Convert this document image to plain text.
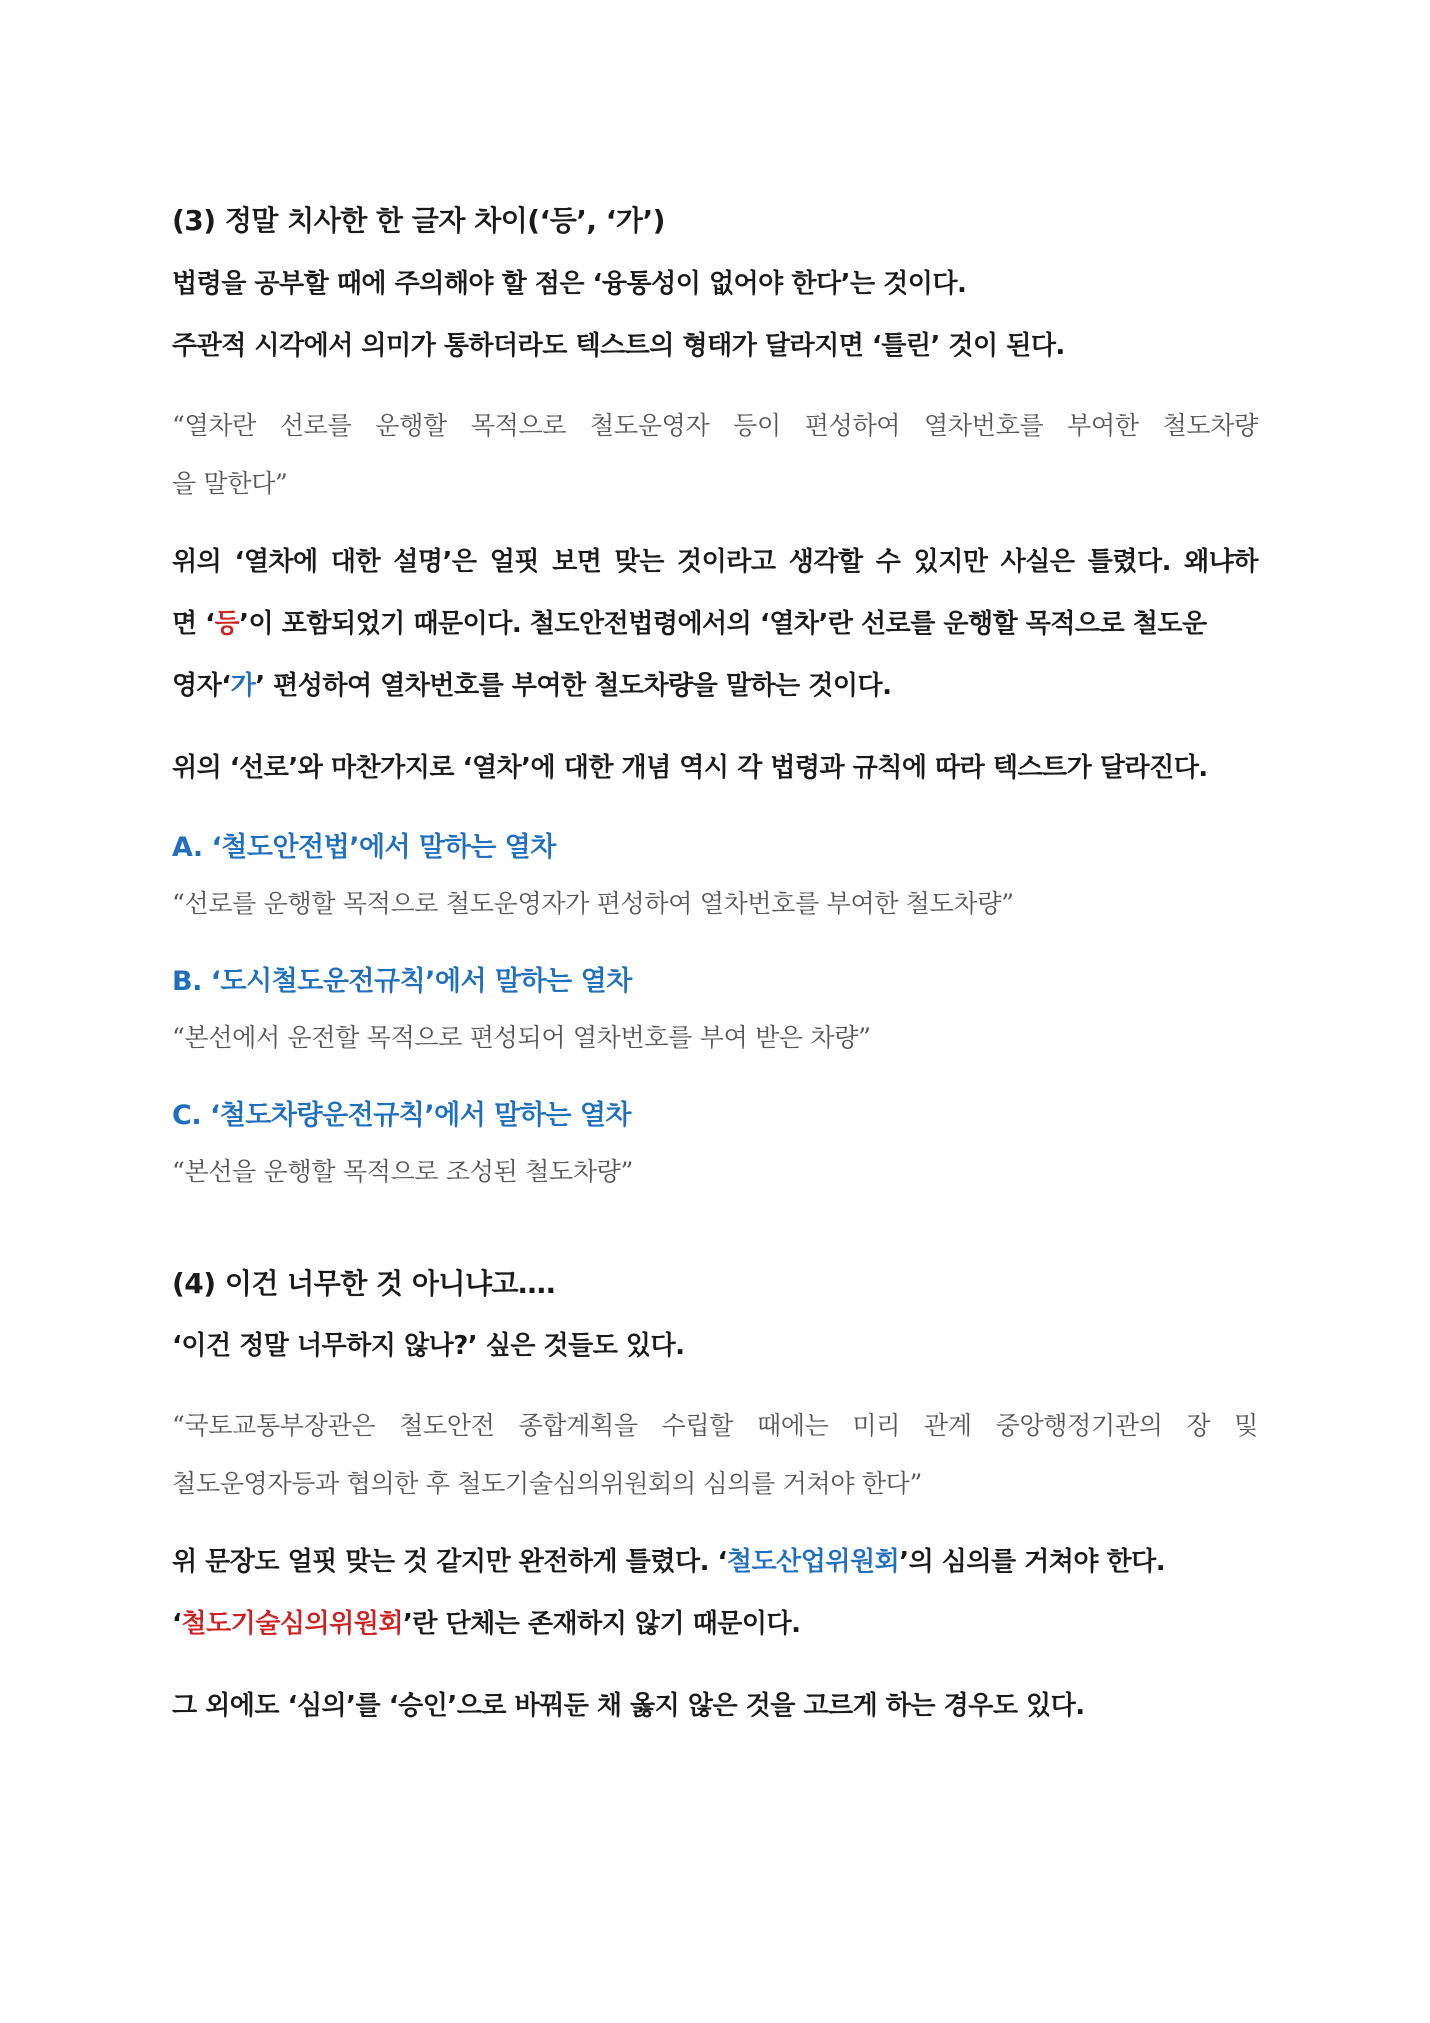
(3) 정말 치사한 한 글자 차이(‘등’, ‘가’)
법령을 공부할 때에 주의해야 할 점은 ‘융통성이 없어야 한다’는 것이다.
주관적 시각에서 의미가 통하더라도 텍스트의 형태가 달라지면 ‘틀린’ 것이 된다.
“열차란 선로를 운행할 목적으로 철도운영자 등이 편성하여 열차번호를 부여한 철도차량
을 말한다”
위의 ‘열차에 대한 설명’은 얼핏 보면 맞는 것이라고 생각할 수 있지만 사실은 틀렸다. 왜냐하
면 ‘등’이 포함되었기 때문이다. 철도안전법령에서의 ‘열차’란 선로를 운행할 목적으로 철도운
영자‘가’ 편성하여 열차번호를 부여한 철도차량을 말하는 것이다.
위의 ‘선로’와 마찬가지로 ‘열차’에 대한 개념 역시 각 법령과 규칙에 따라 텍스트가 달라진다.
A. ‘철도안전법’에서 말하는 열차
“선로를 운행할 목적으로 철도운영자가 편성하여 열차번호를 부여한 철도차량”
B. ‘도시철도운전규칙’에서 말하는 열차
“본선에서 운전할 목적으로 편성되어 열차번호를 부여 받은 차량”
C. ‘철도차량운전규칙’에서 말하는 열차
“본선을 운행할 목적으로 조성된 철도차량”
(4) 이건 너무한 것 아니냐고….
‘이건 정말 너무하지 않나?’ 싶은 것들도 있다.
“국토교통부장관은 철도안전 종합계획을 수립할 때에는 미리 관계 중앙행정기관의 장 및
철도운영자등과 협의한 후 철도기술심의위원회의 심의를 거쳐야 한다”
위 문장도 얼핏 맞는 것 같지만 완전하게 틀렸다. ‘철도산업위원회’의 심의를 거쳐야 한다.
‘철도기술심의위원회’란 단체는 존재하지 않기 때문이다.
그 외에도 ‘심의’를 ‘승인’으로 바꿔둔 채 옳지 않은 것을 고르게 하는 경우도 있다.
